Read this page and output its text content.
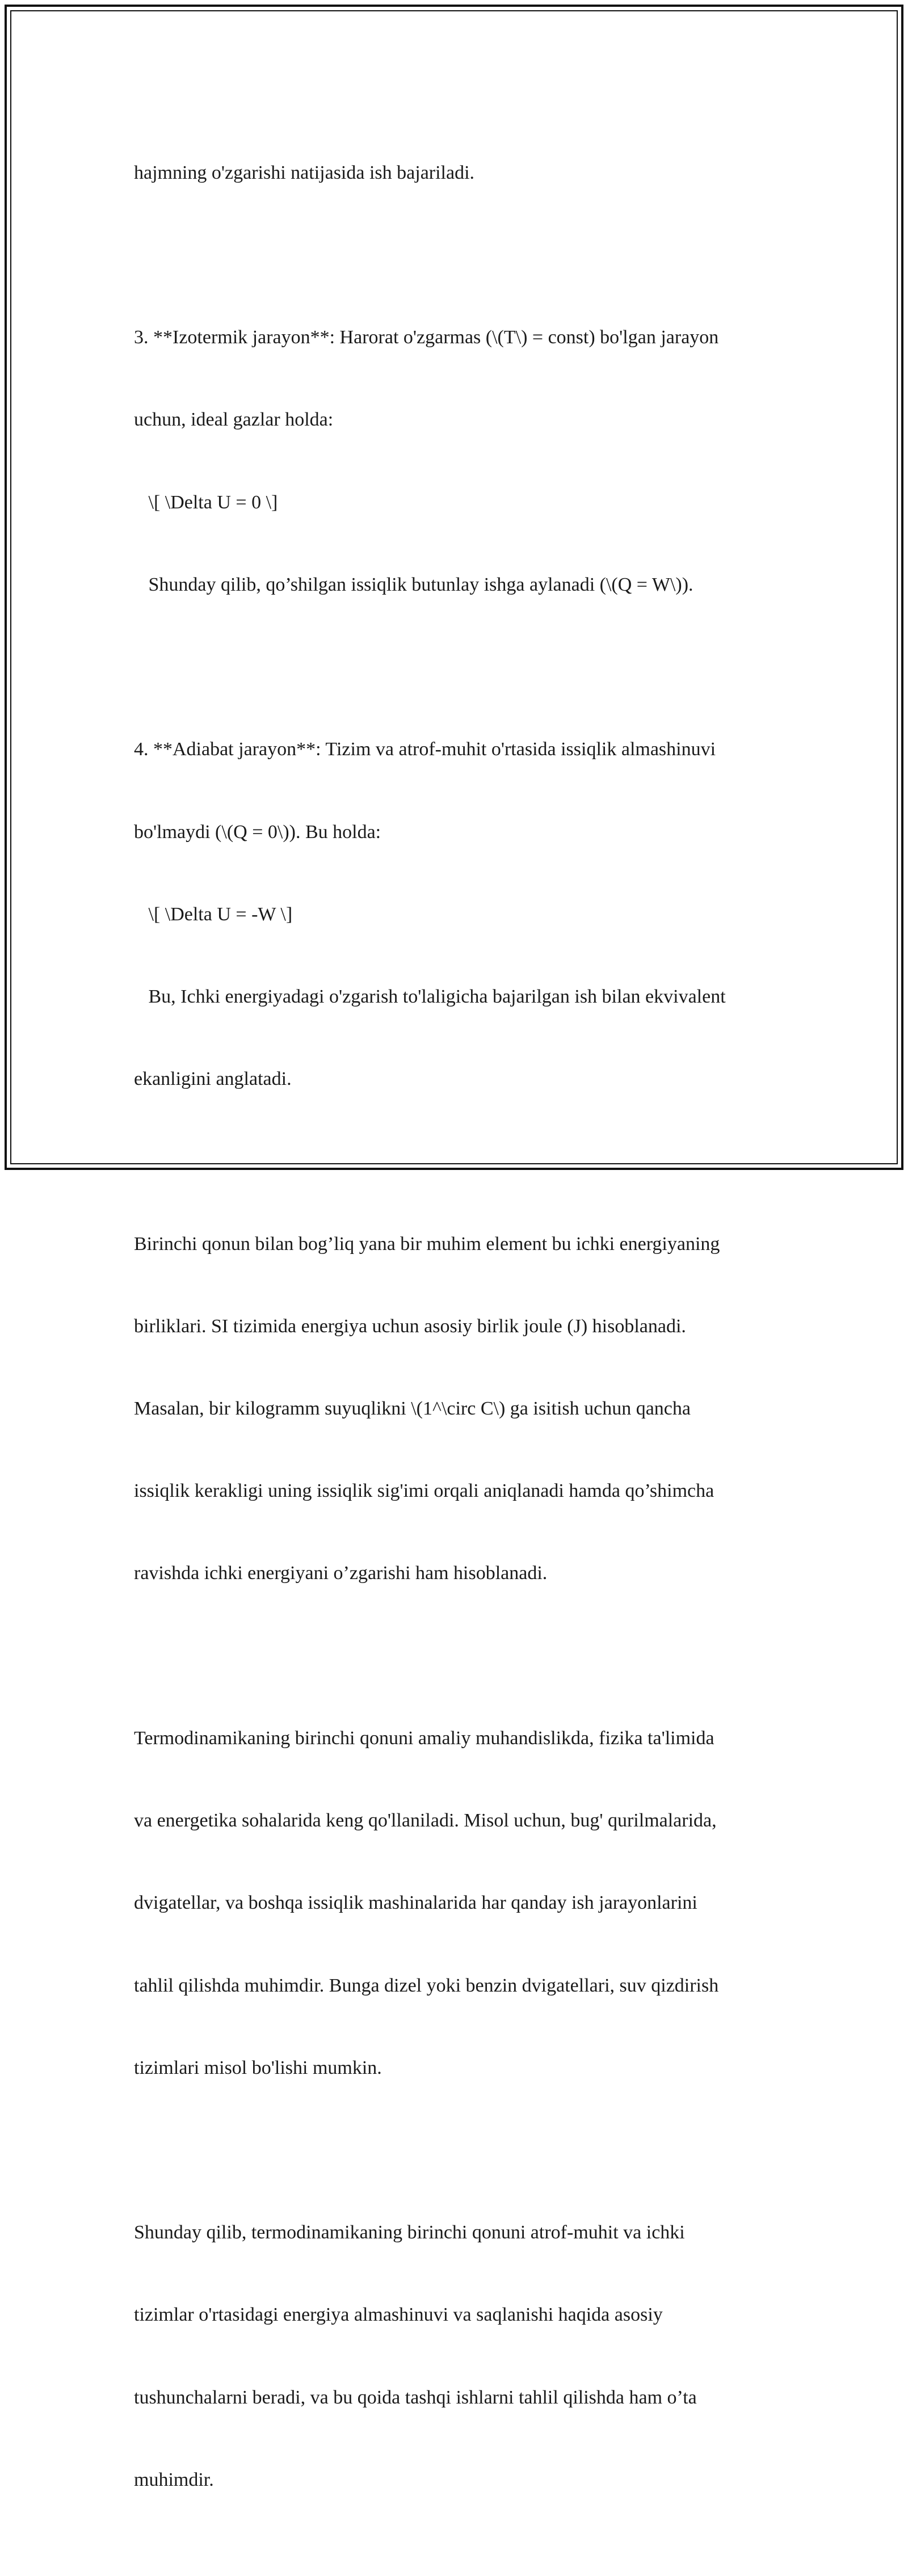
hajmning o'zgarishi natijasida ish bajariladi.

3. **Izotermik jarayon**: Harorat o'zgarmas (\(T\) = const) bo'lgan jarayon

uchun, ideal gazlar holda:

\[ \Delta U = 0 \]

Shunday qilib, qo’shilgan issiqlik butunlay ishga aylanadi (\(Q = W\)).

4. **Adiabat jarayon**: Tizim va atrof-muhit o'rtasida issiqlik almashinuvi

bo'lmaydi (\(Q = 0\)). Bu holda:

\[ \Delta U = -W \]

Bu, Ichki energiyadagi o'zgarish to'laligicha bajarilgan ish bilan ekvivalent

ekanligini anglatadi.

Birinchi qonun bilan bog’liq yana bir muhim element bu ichki energiyaning

birliklari. SI tizimida energiya uchun asosiy birlik joule (J) hisoblanadi.

Masalan, bir kilogramm suyuqlikni \(1^\circ C\) ga isitish uchun qancha

issiqlik kerakligi uning issiqlik sig'imi orqali aniqlanadi hamda qo’shimcha

ravishda ichki energiyani o’zgarishi ham hisoblanadi.

Termodinamikaning birinchi qonuni amaliy muhandislikda, fizika ta'limida

va energetika sohalarida keng qo'llaniladi. Misol uchun, bug' qurilmalarida,

dvigatellar, va boshqa issiqlik mashinalarida har qanday ish jarayonlarini

tahlil qilishda muhimdir. Bunga dizel yoki benzin dvigatellari, suv qizdirish

tizimlari misol bo'lishi mumkin.

Shunday qilib, termodinamikaning birinchi qonuni atrof-muhit va ichki

tizimlar o'rtasidagi energiya almashinuvi va saqlanishi haqida asosiy

tushunchalarni beradi, va bu qoida tashqi ishlarni tahlil qilishda ham o’ta

muhimdir.
